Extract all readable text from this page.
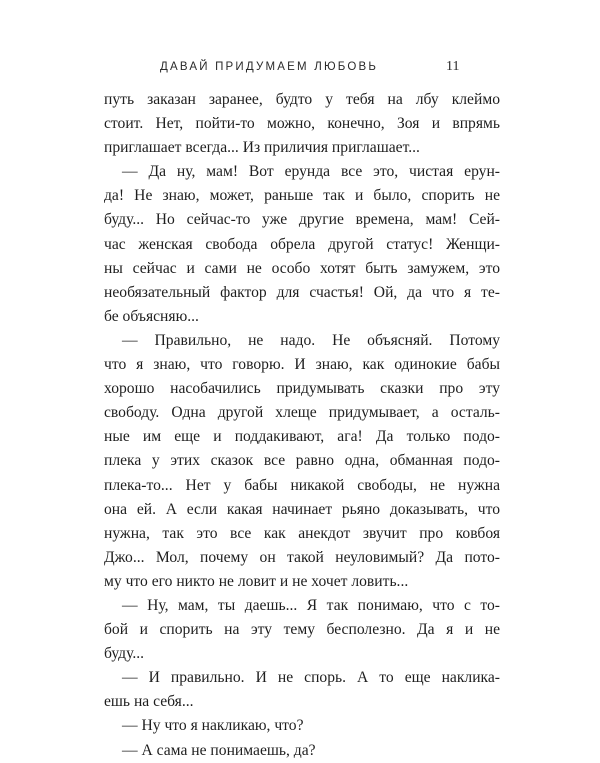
ДАВАЙ ПРИДУМАЕМ ЛЮБОВЬ	11
путь заказан заранее, будто у тебя на лбу клеймо
стоит. Нет, пойти-то можно, конечно, Зоя и впрямь
приглашает всегда... Из приличия приглашает...
— Да ну, мам! Вот ерунда все это, чистая ерун-
да! Не знаю, может, раньше так и было, спорить не
буду... Но сейчас-то уже другие времена, мам! Сей-
час женская свобода обрела другой статус! Женщи-
ны сейчас и сами не особо хотят быть замужем, это
необязательный фактор для счастья! Ой, да что я те-
бе объясняю...
— Правильно, не надо. Не объясняй. Потому
что я знаю, что говорю. И знаю, как одинокие бабы
хорошо насобачились придумывать сказки про эту
свободу. Одна другой хлеще придумывает, а осталь-
ные им еще и поддакивают, ага! Да только подо-
плека у этих сказок все равно одна, обманная подо-
плека-то... Нет у бабы никакой свободы, не нужна
она ей. А если какая начинает рьяно доказывать, что
нужна, так это все как анекдот звучит про ковбоя
Джо... Мол, почему он такой неуловимый? Да пото-
му что его никто не ловит и не хочет ловить...
— Ну, мам, ты даешь... Я так понимаю, что с то-
бой и спорить на эту тему бесполезно. Да я и не
буду...
— И правильно. И не спорь. А то еще наклика-
ешь на себя...
— Ну что я накликаю, что?
— А сама не понимаешь, да?
